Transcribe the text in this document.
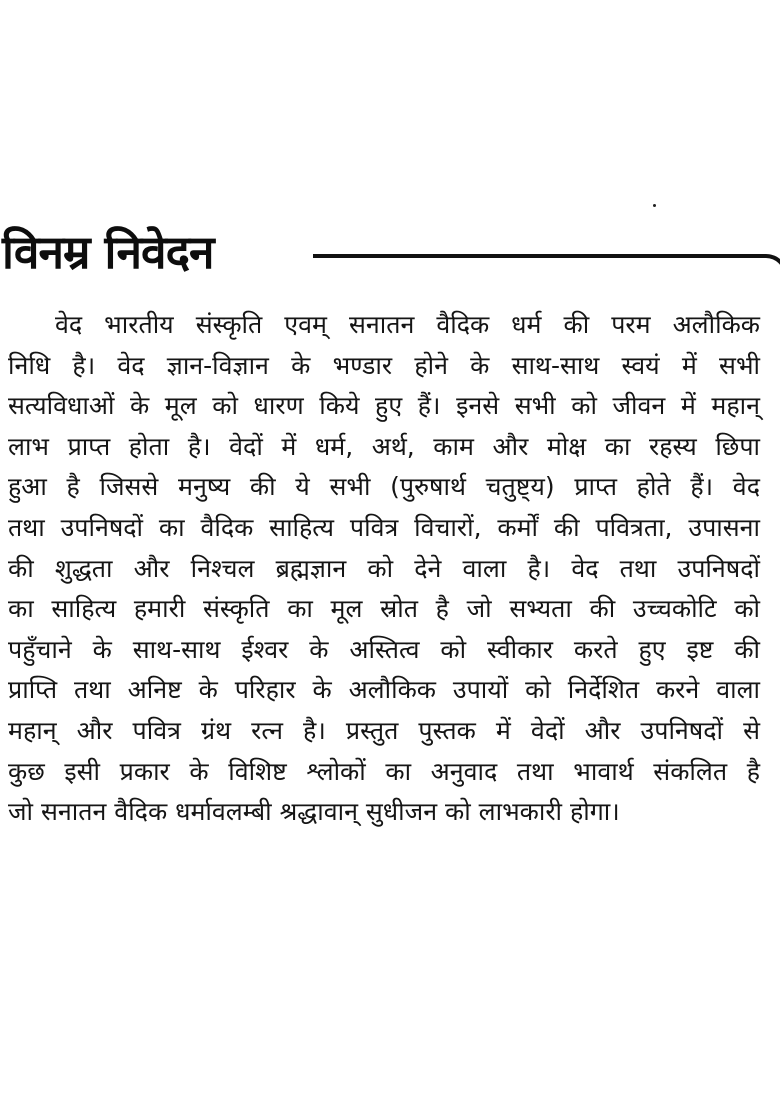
विनम्र निवेदन
वेद भारतीय संस्कृति एवम् सनातन वैदिक धर्म की परम अलौकिक
निधि है। वेद ज्ञान-विज्ञान के भण्डार होने के साथ-साथ स्वयं में सभी
सत्यविधाओं के मूल को धारण किये हुए हैं। इनसे सभी को जीवन में महान्
लाभ प्राप्त होता है। वेदों में धर्म, अर्थ, काम और मोक्ष का रहस्य छिपा
हुआ है जिससे मनुष्य की ये सभी (पुरुषार्थ चतुष्ट्य) प्राप्त होते हैं। वेद
तथा उपनिषदों का वैदिक साहित्य पवित्र विचारों, कर्मों की पवित्रता, उपासना
की शुद्धता और निश्चल ब्रह्मज्ञान को देने वाला है। वेद तथा उपनिषदों
का साहित्य हमारी संस्कृति का मूल स्रोत है जो सभ्यता की उच्चकोटि को
पहुँचाने के साथ-साथ ईश्वर के अस्तित्व को स्वीकार करते हुए इष्ट की
प्राप्ति तथा अनिष्ट के परिहार के अलौकिक उपायों को निर्देशित करने वाला
महान् और पवित्र ग्रंथ रत्न है। प्रस्तुत पुस्तक में वेदों और उपनिषदों से
कुछ इसी प्रकार के विशिष्ट श्लोकों का अनुवाद तथा भावार्थ संकलित है
जो सनातन वैदिक धर्मावलम्बी श्रद्धावान् सुधीजन को लाभकारी होगा।
